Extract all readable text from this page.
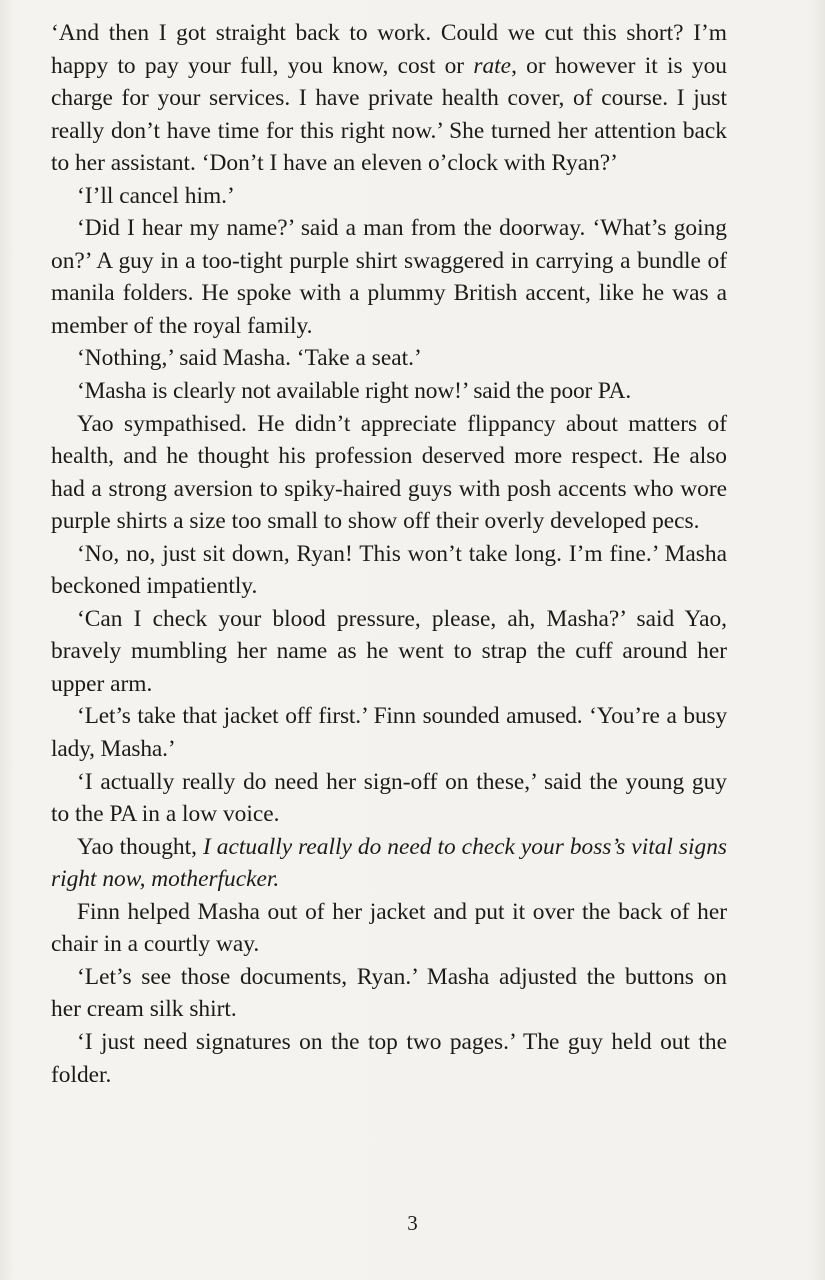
‘And then I got straight back to work. Could we cut this short? I’m happy to pay your full, you know, cost or rate, or however it is you charge for your services. I have private health cover, of course. I just really don’t have time for this right now.’ She turned her attention back to her assistant. ‘Don’t I have an eleven o’clock with Ryan?’

‘I’ll cancel him.’

‘Did I hear my name?’ said a man from the doorway. ‘What’s going on?’ A guy in a too-tight purple shirt swaggered in carrying a bundle of manila folders. He spoke with a plummy British accent, like he was a member of the royal family.

‘Nothing,’ said Masha. ‘Take a seat.’

‘Masha is clearly not available right now!’ said the poor PA.

Yao sympathised. He didn’t appreciate flippancy about matters of health, and he thought his profession deserved more respect. He also had a strong aversion to spiky-haired guys with posh accents who wore purple shirts a size too small to show off their overly developed pecs.

‘No, no, just sit down, Ryan! This won’t take long. I’m fine.’ Masha beckoned impatiently.

‘Can I check your blood pressure, please, ah, Masha?’ said Yao, bravely mumbling her name as he went to strap the cuff around her upper arm.

‘Let’s take that jacket off first.’ Finn sounded amused. ‘You’re a busy lady, Masha.’

‘I actually really do need her sign-off on these,’ said the young guy to the PA in a low voice.

Yao thought, I actually really do need to check your boss’s vital signs right now, motherfucker.

Finn helped Masha out of her jacket and put it over the back of her chair in a courtly way.

‘Let’s see those documents, Ryan.’ Masha adjusted the buttons on her cream silk shirt.

‘I just need signatures on the top two pages.’ The guy held out the folder.

3
